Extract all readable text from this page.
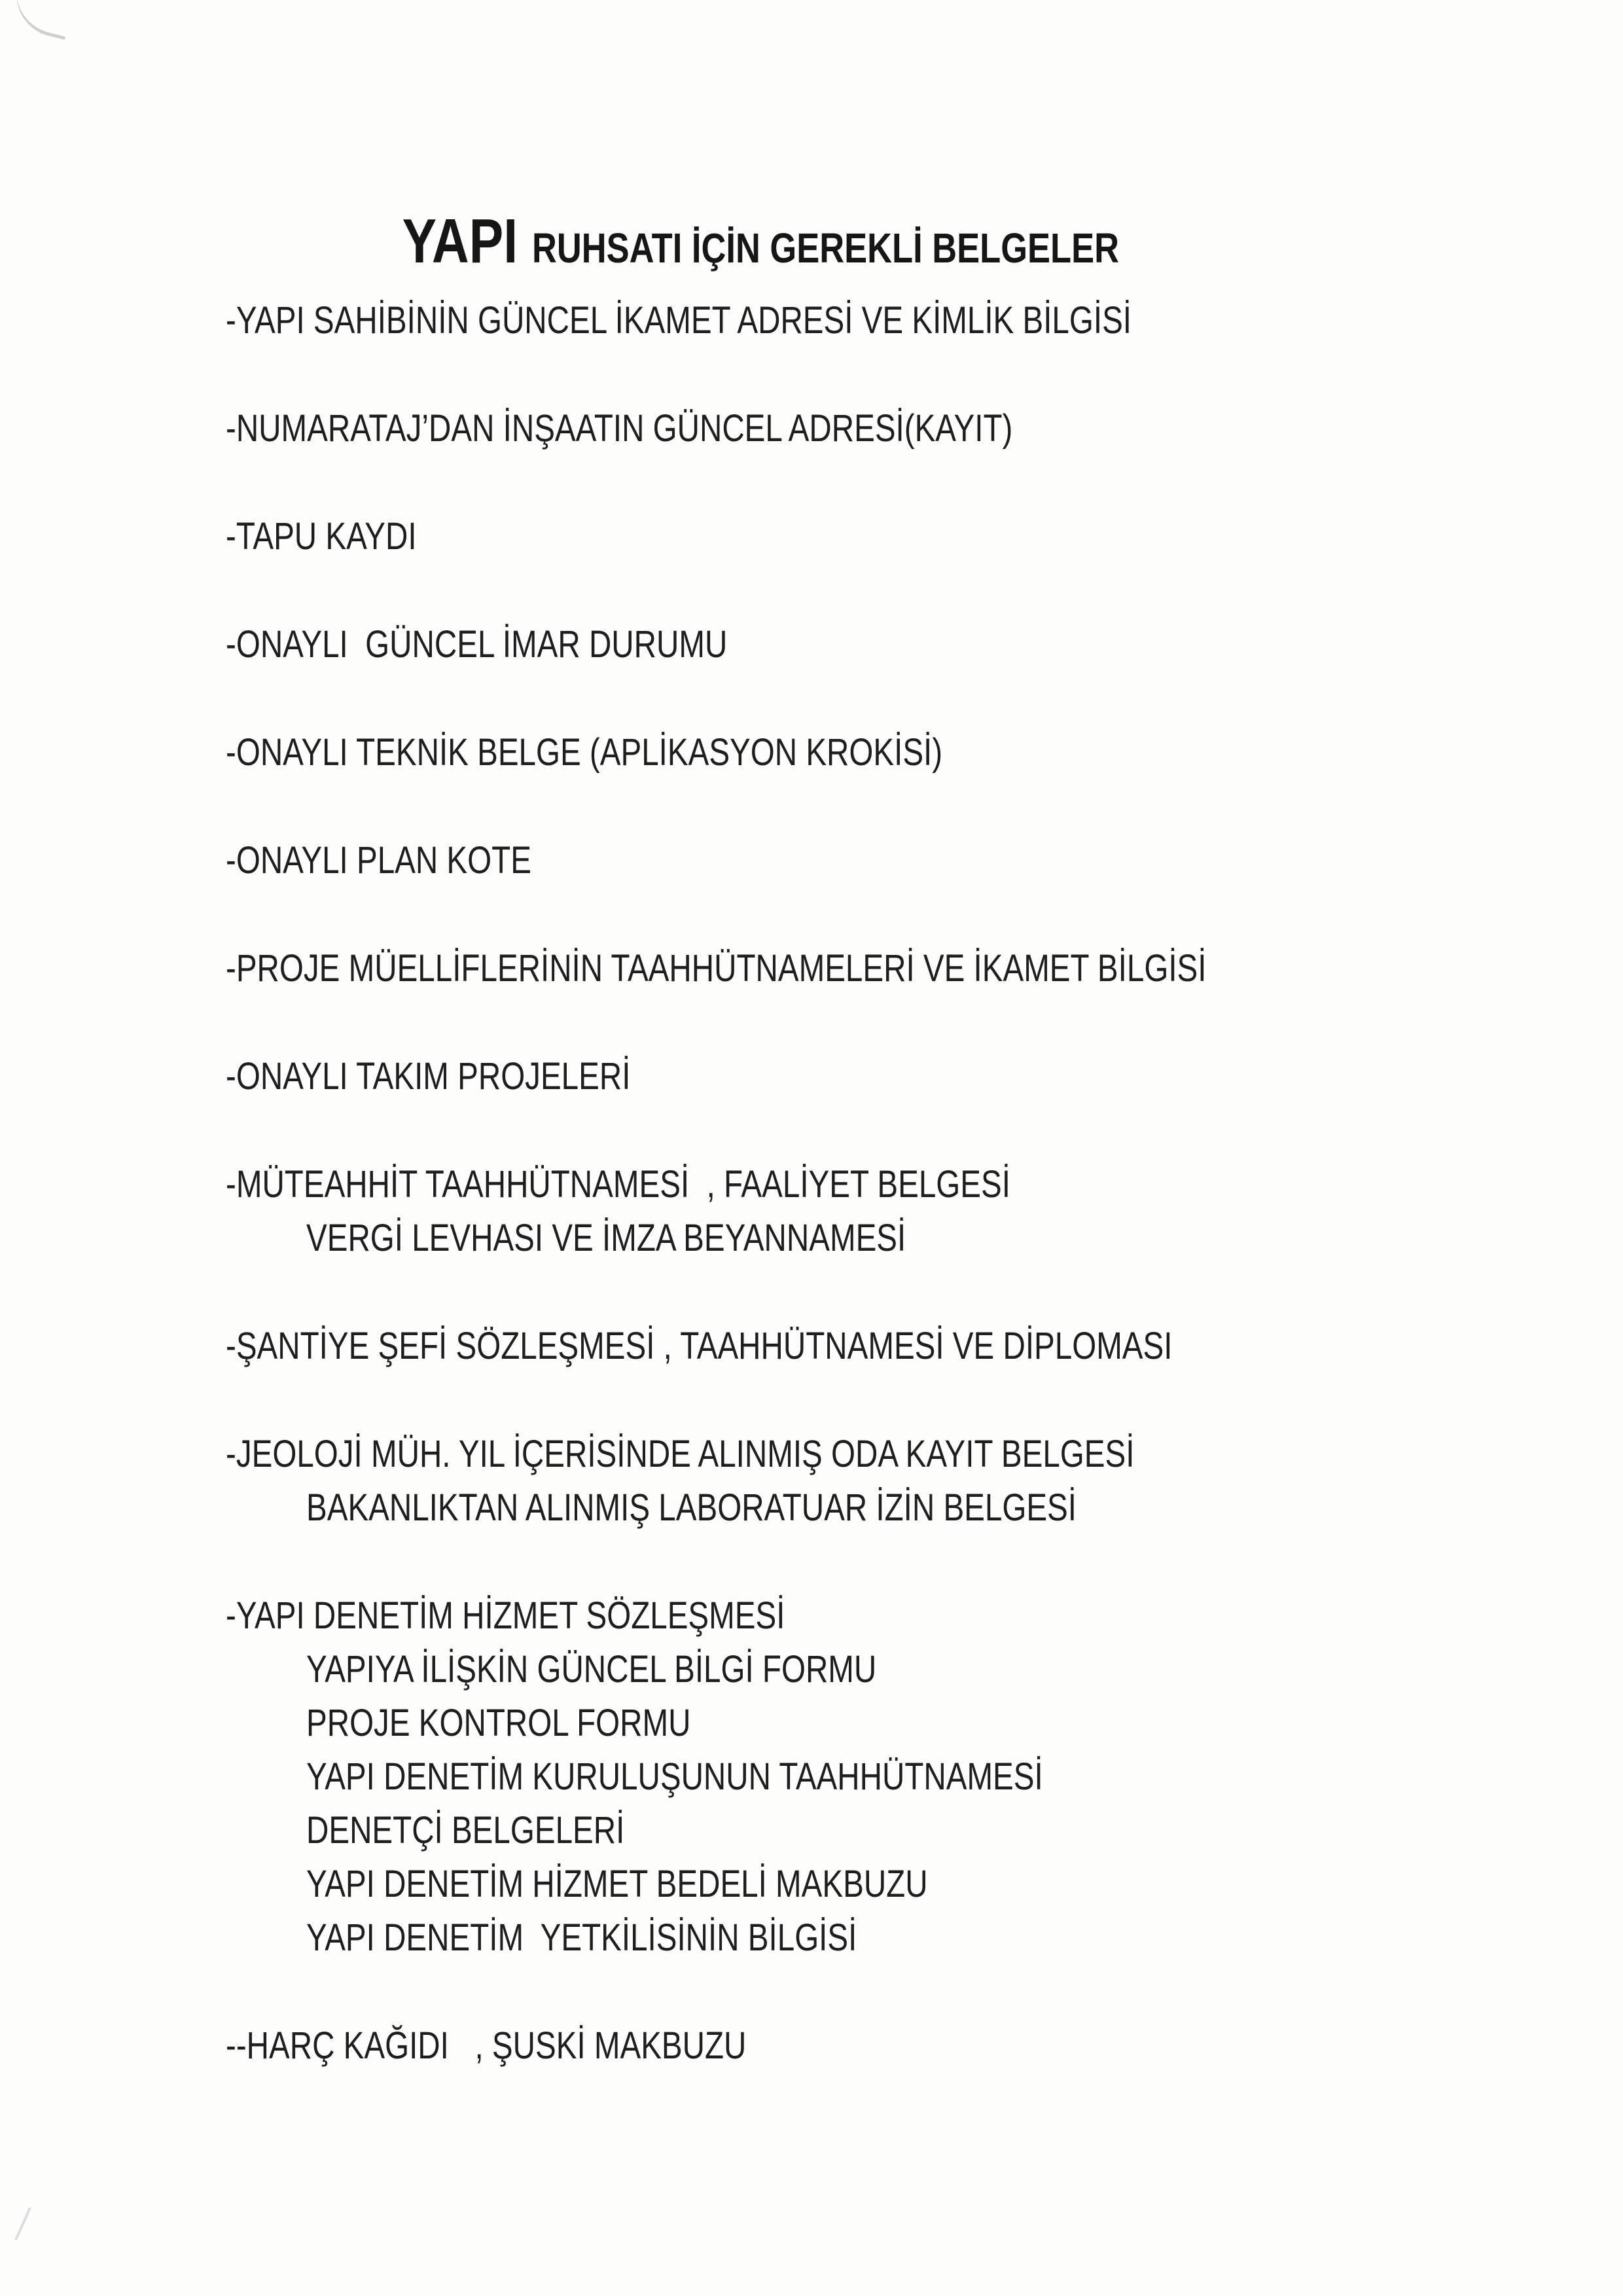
YAPI RUHSATI İÇİN GEREKLİ BELGELER

-YAPI SAHİBİNİN GÜNCEL İKAMET ADRESİ VE KİMLİK BİLGİSİ
-NUMARATAJ’DAN İNŞAATIN GÜNCEL ADRESİ(KAYIT)
-TAPU KAYDI
-ONAYLI  GÜNCEL İMAR DURUMU
-ONAYLI TEKNİK BELGE (APLİKASYON KROKİSİ)
-ONAYLI PLAN KOTE
-PROJE MÜELLİFLERİNİN TAAHHÜTNAMELERİ VE İKAMET BİLGİSİ
-ONAYLI TAKIM PROJELERİ
-MÜTEAHHİT TAAHHÜTNAMESİ  , FAALİYET BELGESİ
VERGİ LEVHASI VE İMZA BEYANNAMESİ
-ŞANTİYE ŞEFİ SÖZLEŞMESİ , TAAHHÜTNAMESİ VE DİPLOMASI
-JEOLOJİ MÜH. YIL İÇERİSİNDE ALINMIŞ ODA KAYIT BELGESİ
BAKANLIKTAN ALINMIŞ LABORATUAR İZİN BELGESİ
-YAPI DENETİM HİZMET SÖZLEŞMESİ
YAPIYA İLİŞKİN GÜNCEL BİLGİ FORMU
PROJE KONTROL FORMU
YAPI DENETİM KURULUŞUNUN TAAHHÜTNAMESİ
DENETÇİ BELGELERİ
YAPI DENETİM HİZMET BEDELİ MAKBUZU
YAPI DENETİM  YETKİLİSİNİN BİLGİSİ
--HARÇ KAĞIDI   , ŞUSKİ MAKBUZU
